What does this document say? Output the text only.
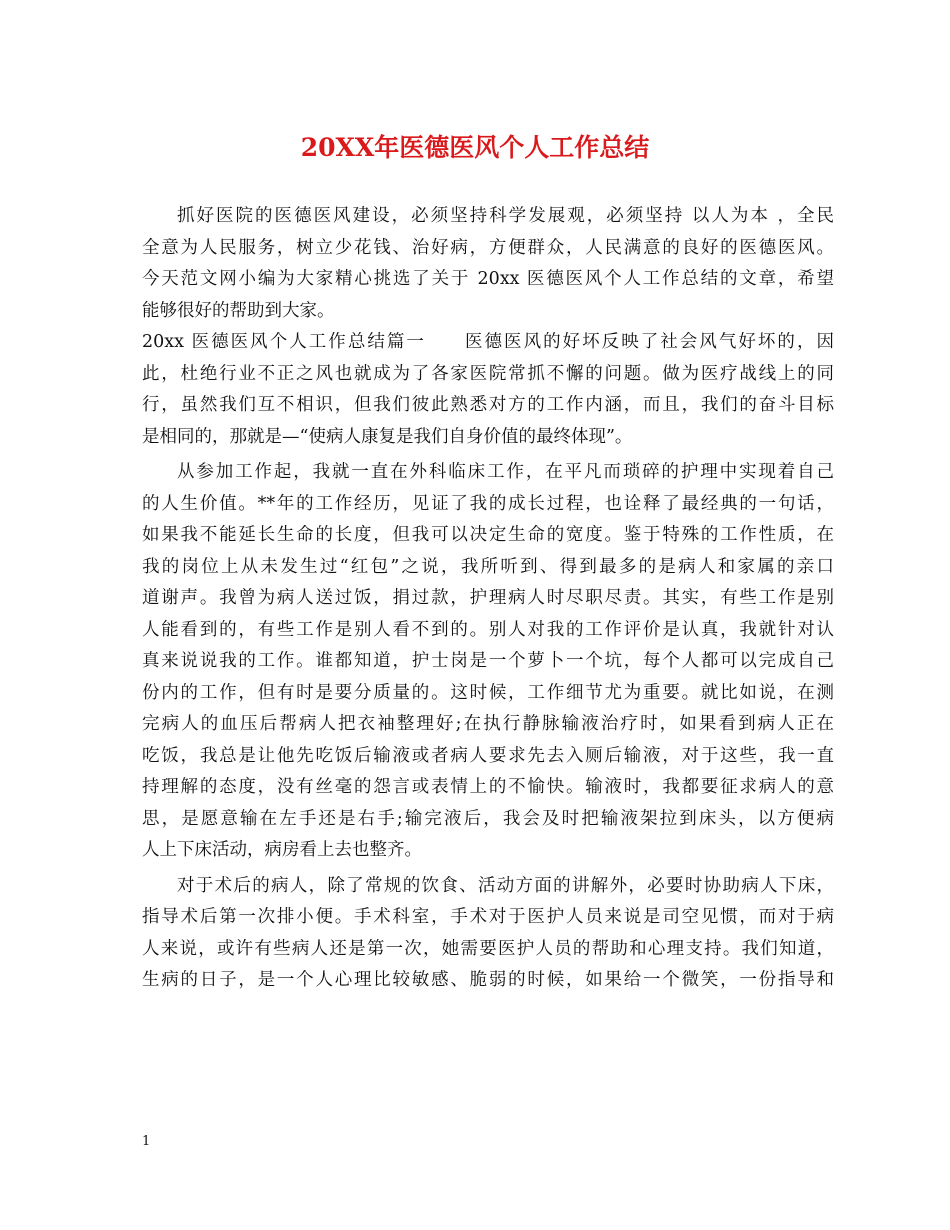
20XX年医德医风个人工作总结
抓好医院的医德医风建设，必须坚持科学发展观，必须坚持 以人为本 ，全民
全意为人民服务，树立少花钱、治好病，方便群众，人民满意的良好的医德医风。
今天范文网小编为大家精心挑选了关于 20xx 医德医风个人工作总结的文章，希望
能够很好的帮助到大家。
20xx 医德医风个人工作总结篇一　　医德医风的好坏反映了社会风气好坏的，因
此，杜绝行业不正之风也就成为了各家医院常抓不懈的问题。做为医疗战线上的同
行，虽然我们互不相识，但我们彼此熟悉对方的工作内涵，而且，我们的奋斗目标
是相同的，那就是—“使病人康复是我们自身价值的最终体现”。
从参加工作起，我就一直在外科临床工作，在平凡而琐碎的护理中实现着自己
的人生价值。**年的工作经历，见证了我的成长过程，也诠释了最经典的一句话，
如果我不能延长生命的长度，但我可以决定生命的宽度。鉴于特殊的工作性质，在
我的岗位上从未发生过“红包”之说，我所听到、得到最多的是病人和家属的亲口
道谢声。我曾为病人送过饭，捐过款，护理病人时尽职尽责。其实，有些工作是别
人能看到的，有些工作是别人看不到的。别人对我的工作评价是认真，我就针对认
真来说说我的工作。谁都知道，护士岗是一个萝卜一个坑，每个人都可以完成自己
份内的工作，但有时是要分质量的。这时候，工作细节尤为重要。就比如说，在测
完病人的血压后帮病人把衣袖整理好;在执行静脉输液治疗时，如果看到病人正在
吃饭，我总是让他先吃饭后输液或者病人要求先去入厕后输液，对于这些，我一直
持理解的态度，没有丝毫的怨言或表情上的不愉快。输液时，我都要征求病人的意
思，是愿意输在左手还是右手;输完液后，我会及时把输液架拉到床头，以方便病
人上下床活动，病房看上去也整齐。
对于术后的病人，除了常规的饮食、活动方面的讲解外，必要时协助病人下床，
指导术后第一次排小便。手术科室，手术对于医护人员来说是司空见惯，而对于病
人来说，或许有些病人还是第一次，她需要医护人员的帮助和心理支持。我们知道，
生病的日子，是一个人心理比较敏感、脆弱的时候，如果给一个微笑，一份指导和
1
